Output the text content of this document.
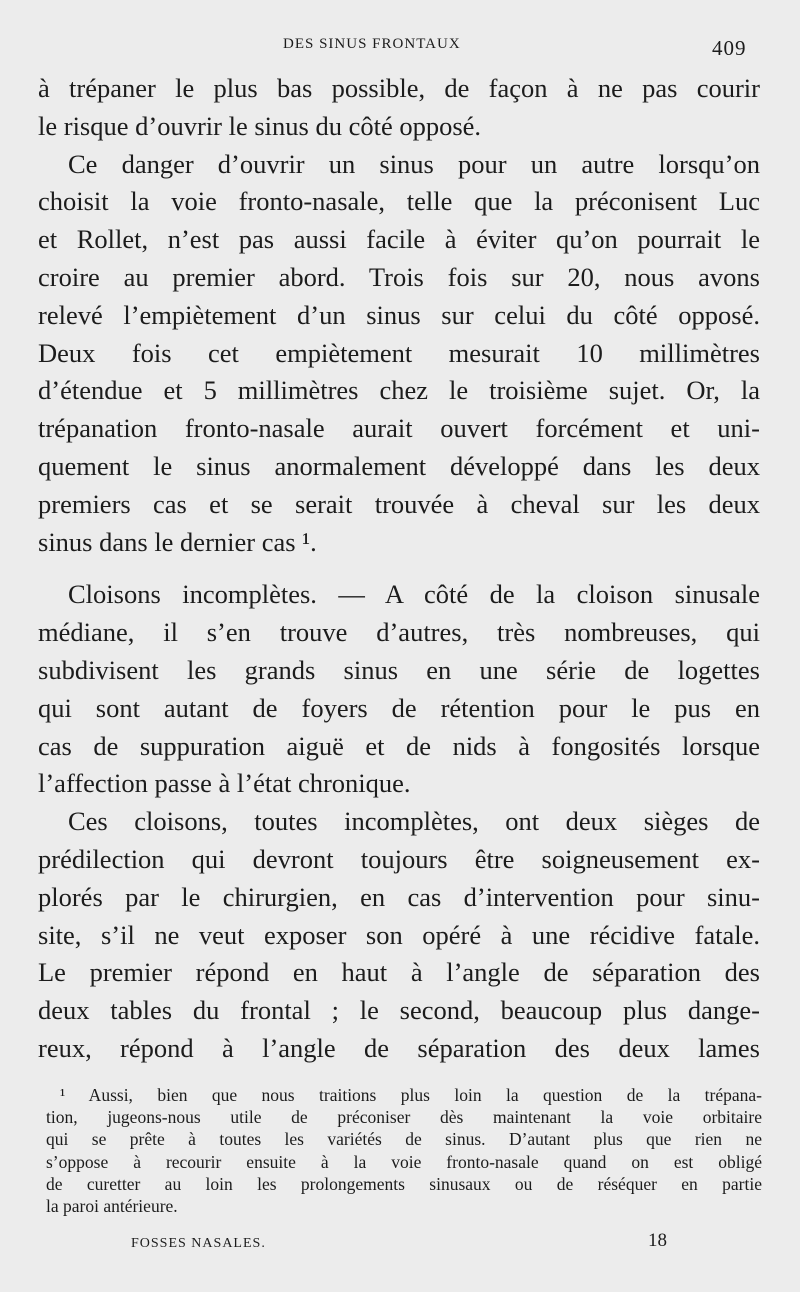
DES SINUS FRONTAUX	409
à trépaner le plus bas possible, de façon à ne pas courir
le risque d’ouvrir le sinus du côté opposé.
Ce danger d’ouvrir un sinus pour un autre lorsqu’on
choisit la voie fronto-nasale, telle que la préconisent Luc
et Rollet, n’est pas aussi facile à éviter qu’on pourrait le
croire au premier abord. Trois fois sur 20, nous avons
relevé l’empiètement d’un sinus sur celui du côté opposé.
Deux fois cet empiètement mesurait 10 millimètres
d’étendue et 5 millimètres chez le troisième sujet. Or, la
trépanation fronto-nasale aurait ouvert forcément et uni-
quement le sinus anormalement développé dans les deux
premiers cas et se serait trouvée à cheval sur les deux
sinus dans le dernier cas ¹.
Cloisons incomplètes. — A côté de la cloison sinusale
médiane, il s’en trouve d’autres, très nombreuses, qui
subdivisent les grands sinus en une série de logettes
qui sont autant de foyers de rétention pour le pus en
cas de suppuration aiguë et de nids à fongosités lorsque
l’affection passe à l’état chronique.
Ces cloisons, toutes incomplètes, ont deux sièges de
prédilection qui devront toujours être soigneusement ex-
plorés par le chirurgien, en cas d’intervention pour sinu-
site, s’il ne veut exposer son opéré à une récidive fatale.
Le premier répond en haut à l’angle de séparation des
deux tables du frontal ; le second, beaucoup plus dange-
reux, répond à l’angle de séparation des deux lames
¹ Aussi, bien que nous traitions plus loin la question de la trépana-
tion, jugeons-nous utile de préconiser dès maintenant la voie orbitaire
qui se prête à toutes les variétés de sinus. D’autant plus que rien ne
s’oppose à recourir ensuite à la voie fronto-nasale quand on est obligé
de curetter au loin les prolongements sinusaux ou de réséquer en partie
la paroi antérieure.
FOSSES NASALES.	18
